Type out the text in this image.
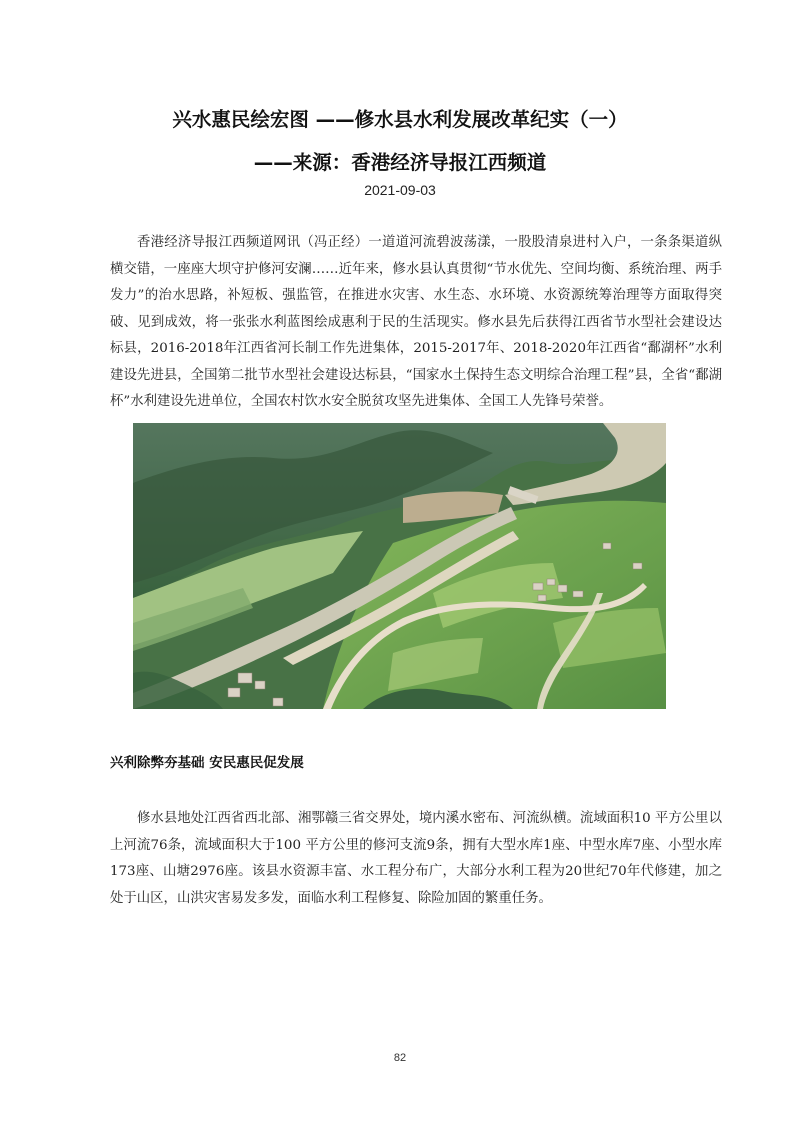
兴水惠民绘宏图 ——修水县水利发展改革纪实（一）
——来源：香港经济导报江西频道
2021-09-03

香港经济导报江西频道网讯（冯正经）一道道河流碧波荡漾，一股股清泉进村入户，一条条渠道纵横交错，一座座大坝守护修河安澜……近年来，修水县认真贯彻“节水优先、空间均衡、系统治理、两手发力”的治水思路，补短板、强监管，在推进水灾害、水生态、水环境、水资源统筹治理等方面取得突破、见到成效，将一张张水利蓝图绘成惠利于民的生活现实。修水县先后获得江西省节水型社会建设达标县，2016-2018年江西省河长制工作先进集体，2015-2017年、2018-2020年江西省“鄱湖杯”水利建设先进县，全国第二批节水型社会建设达标县，“国家水土保持生态文明综合治理工程”县，全省“鄱湖杯”水利建设先进单位，全国农村饮水安全脱贫攻坚先进集体、全国工人先锋号荣誉。

兴利除弊夯基础 安民惠民促发展

修水县地处江西省西北部、湘鄂赣三省交界处，境内溪水密布、河流纵横。流域面积10 平方公里以上河流76条，流域面积大于100 平方公里的修河支流9条，拥有大型水库1座、中型水库7座、小型水库173座、山塘2976座。该县水资源丰富、水工程分布广，大部分水利工程为20世纪70年代修建，加之处于山区，山洪灾害易发多发，面临水利工程修复、除险加固的繁重任务。

82
